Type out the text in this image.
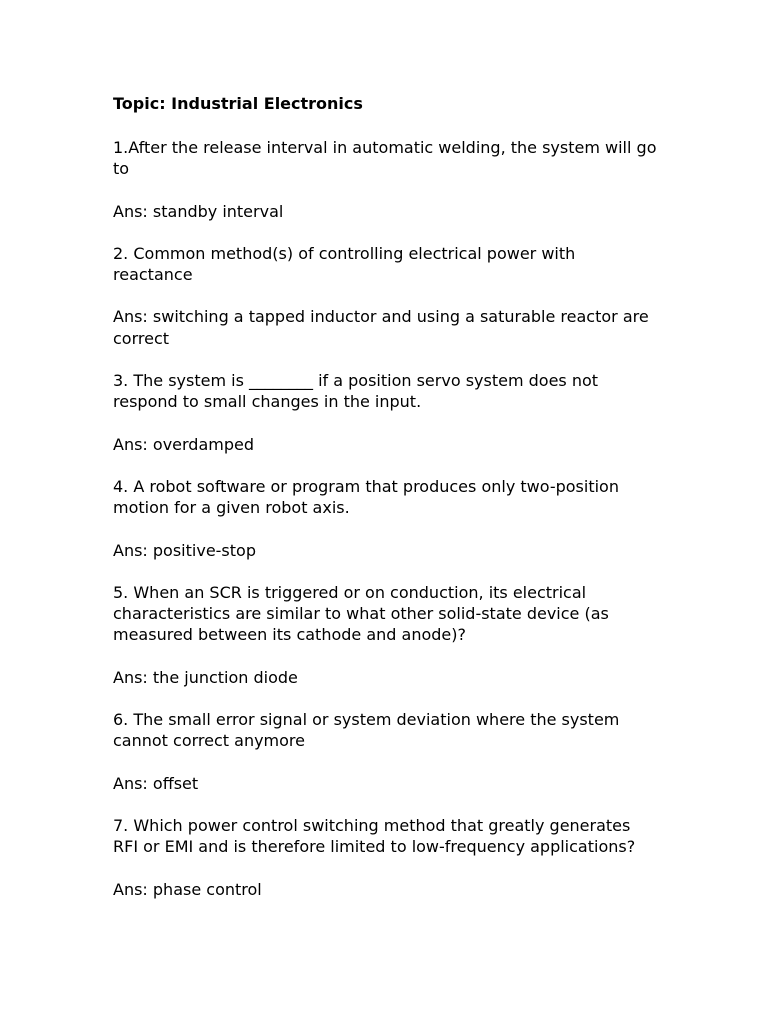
Topic: Industrial Electronics
1.After the release interval in automatic welding, the system will go to
Ans: standby interval
2. Common method(s) of controlling electrical power with reactance
Ans: switching a tapped inductor and using a saturable reactor are correct
3. The system is ________ if a position servo system does not respond to small changes in the input.
Ans: overdamped
4. A robot software or program that produces only two-position motion for a given robot axis.
Ans: positive-stop
5. When an SCR is triggered or on conduction, its electrical characteristics are similar to what other solid-state device (as measured between its cathode and anode)?
Ans: the junction diode
6. The small error signal or system deviation where the system cannot correct anymore
Ans: offset
7. Which power control switching method that greatly generates RFI or EMI and is therefore limited to low-frequency applications?
Ans: phase control
